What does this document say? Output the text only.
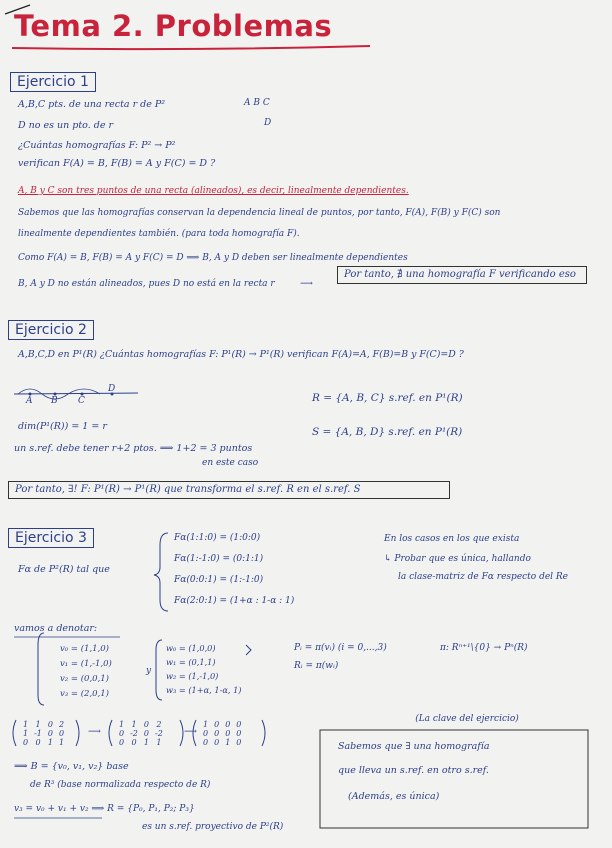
Tema 2. Problemas
Ejercicio 1
A,B,C pts. de una recta r de P²
D no es un pto. de r
¿Cuántas homografías F: P² → P²
verifican F(A) = B, F(B) = A y F(C) = D ?
A B C
D
A, B y C son tres puntos de una recta (alineados), es decir, linealmente dependientes.
Sabemos que las homografías conservan la dependencia lineal de puntos, por tanto, F(A), F(B) y F(C) son
linealmente dependientes también. (para toda homografía F).
Como F(A) = B, F(B) = A y F(C) = D ⟹ B, A y D deben ser linealmente dependientes
B, A y D no están alineados, pues D no está en la recta r	⟶
Por tanto, ∄ una homografía F verificando eso
Ejercicio 2
A,B,C,D en P¹(R) ¿Cuántas homografías F: P¹(R) → P¹(R) verifican F(A)=A, F(B)=B y F(C)=D ?
A B C
D
dim(P¹(R)) = 1 = r
un s.ref. debe tener r+2 ptos. ⟹ 1+2 = 3 puntos
en este caso
R = {A, B, C} s.ref. en P¹(R)
S = {A, B, D} s.ref. en P¹(R)
Por tanto, ∃! F: P¹(R) → P¹(R) que transforma el s.ref. R en el s.ref. S
Ejercicio 3
Fα de P²(R) tal que
Fα(1:1:0) = (1:0:0)
Fα(1:-1:0) = (0:1:1)
Fα(0:0:1) = (1:-1:0)
Fα(2:0:1) = (1+α : 1-α : 1)
En los casos en los que exista
↳ Probar que es única, hallando
la clase-matriz de Fα respecto del Re
vamos a denotar:
v₀ = (1,1,0)
v₁ = (1,-1,0)
v₂ = (0,0,1)
v₃ = (2,0,1)
y
w₀ = (1,0,0)
w₁ = (0,1,1)
w₂ = (1,-1,0)
w₃ = (1+α, 1-α, 1)
Pᵢ = π(vᵢ) (i = 0,...,3)
Rᵢ = π(wᵢ)
π: Rⁿ⁺¹\{0} → Pⁿ(R)
1	1	0	2
1	-1	0	0
0	0	1	1
⟶
1	1	0	2
0	-2	0	-2
0	0	1	1
⟶
1	0	0	0
0	0	0	0
0	0	1	0
⟹ B = {v₀, v₁, v₂} base
de R³ (base normalizada respecto de R)
v₃ = v₀ + v₁ + v₂ ⟹ R = {P₀, P₁, P₂; P₃}
es un s.ref. proyectivo de P²(R)
(La clave del ejercicio)
Sabemos que ∃ una homografía
que lleva un s.ref. en otro s.ref.
(Además, es única)
